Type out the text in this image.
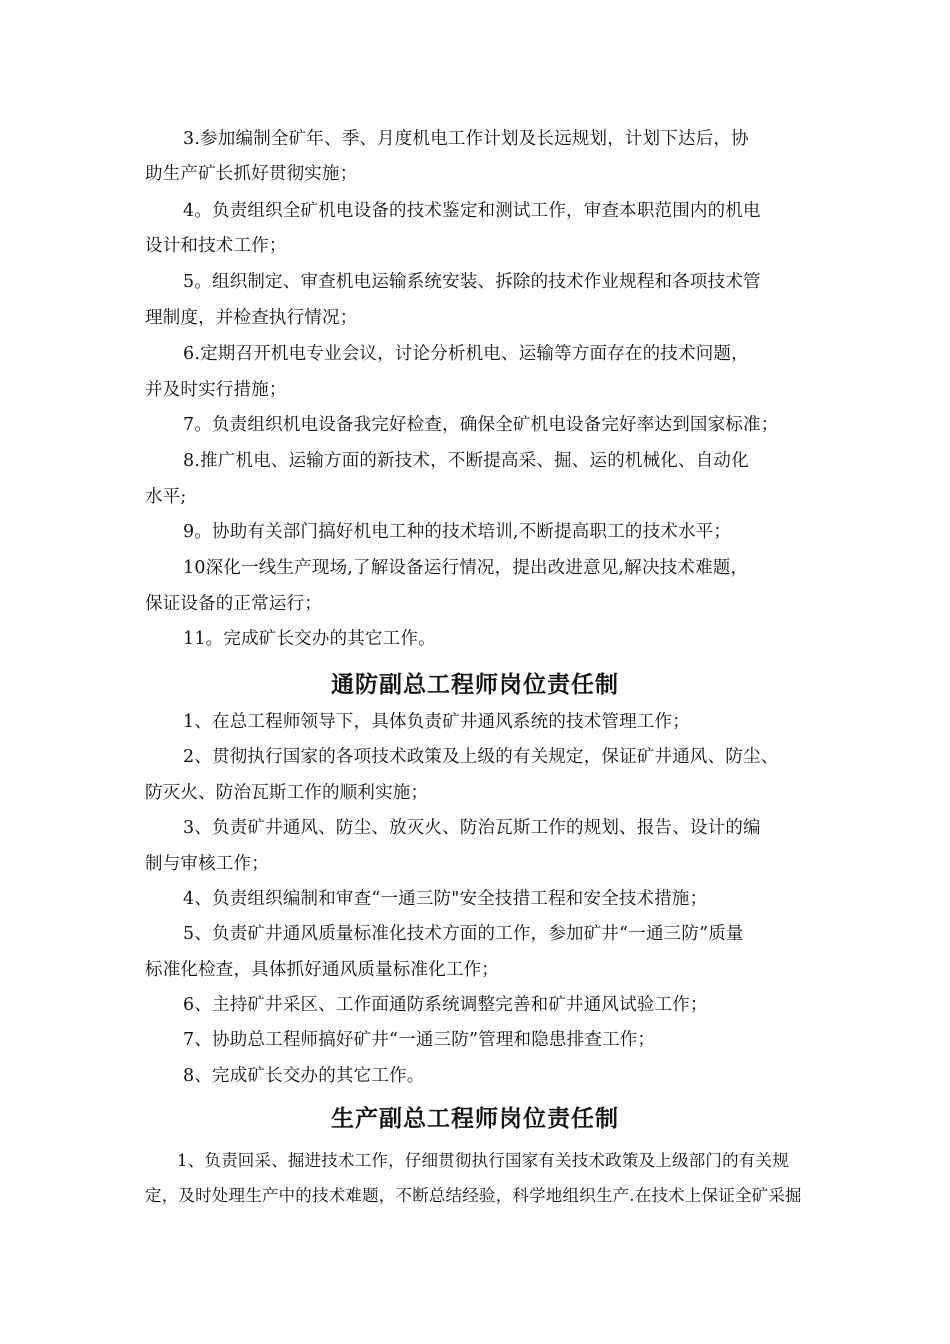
3.参加编制全矿年、季、月度机电工作计划及长远规划，计划下达后，协
助生产矿长抓好贯彻实施；
4。负责组织全矿机电设备的技术鉴定和测试工作，审查本职范围内的机电
设计和技术工作；
5。组织制定、审查机电运输系统安装、拆除的技术作业规程和各项技术管
理制度，并检查执行情况；
6.定期召开机电专业会议，讨论分析机电、运输等方面存在的技术问题，
并及时实行措施；
7。负责组织机电设备我完好检查，确保全矿机电设备完好率达到国家标准；
8.推广机电、运输方面的新技术，不断提高采、掘、运的机械化、自动化
水平;
9。协助有关部门搞好机电工种的技术培训,不断提高职工的技术水平；
10深化一线生产现场,了解设备运行情况，提出改进意见,解决技术难题，
保证设备的正常运行；
11。完成矿长交办的其它工作。
通防副总工程师岗位责任制
1、在总工程师领导下，具体负责矿井通风系统的技术管理工作；
2、贯彻执行国家的各项技术政策及上级的有关规定，保证矿井通风、防尘、
防灭火、防治瓦斯工作的顺利实施；
3、负责矿井通风、防尘、放灭火、防治瓦斯工作的规划、报告、设计的编
制与审核工作；
4、负责组织编制和审查“一通三防"安全技措工程和安全技术措施；
5、负责矿井通风质量标准化技术方面的工作，参加矿井“一通三防”质量
标准化检查，具体抓好通风质量标准化工作；
6、主持矿井采区、工作面通防系统调整完善和矿井通风试验工作；
7、协助总工程师搞好矿井“一通三防”管理和隐患排查工作；
8、完成矿长交办的其它工作。
生产副总工程师岗位责任制
1、负责回采、掘进技术工作，仔细贯彻执行国家有关技术政策及上级部门的有关规
定，及时处理生产中的技术难题，不断总结经验，科学地组织生产.在技术上保证全矿采掘
